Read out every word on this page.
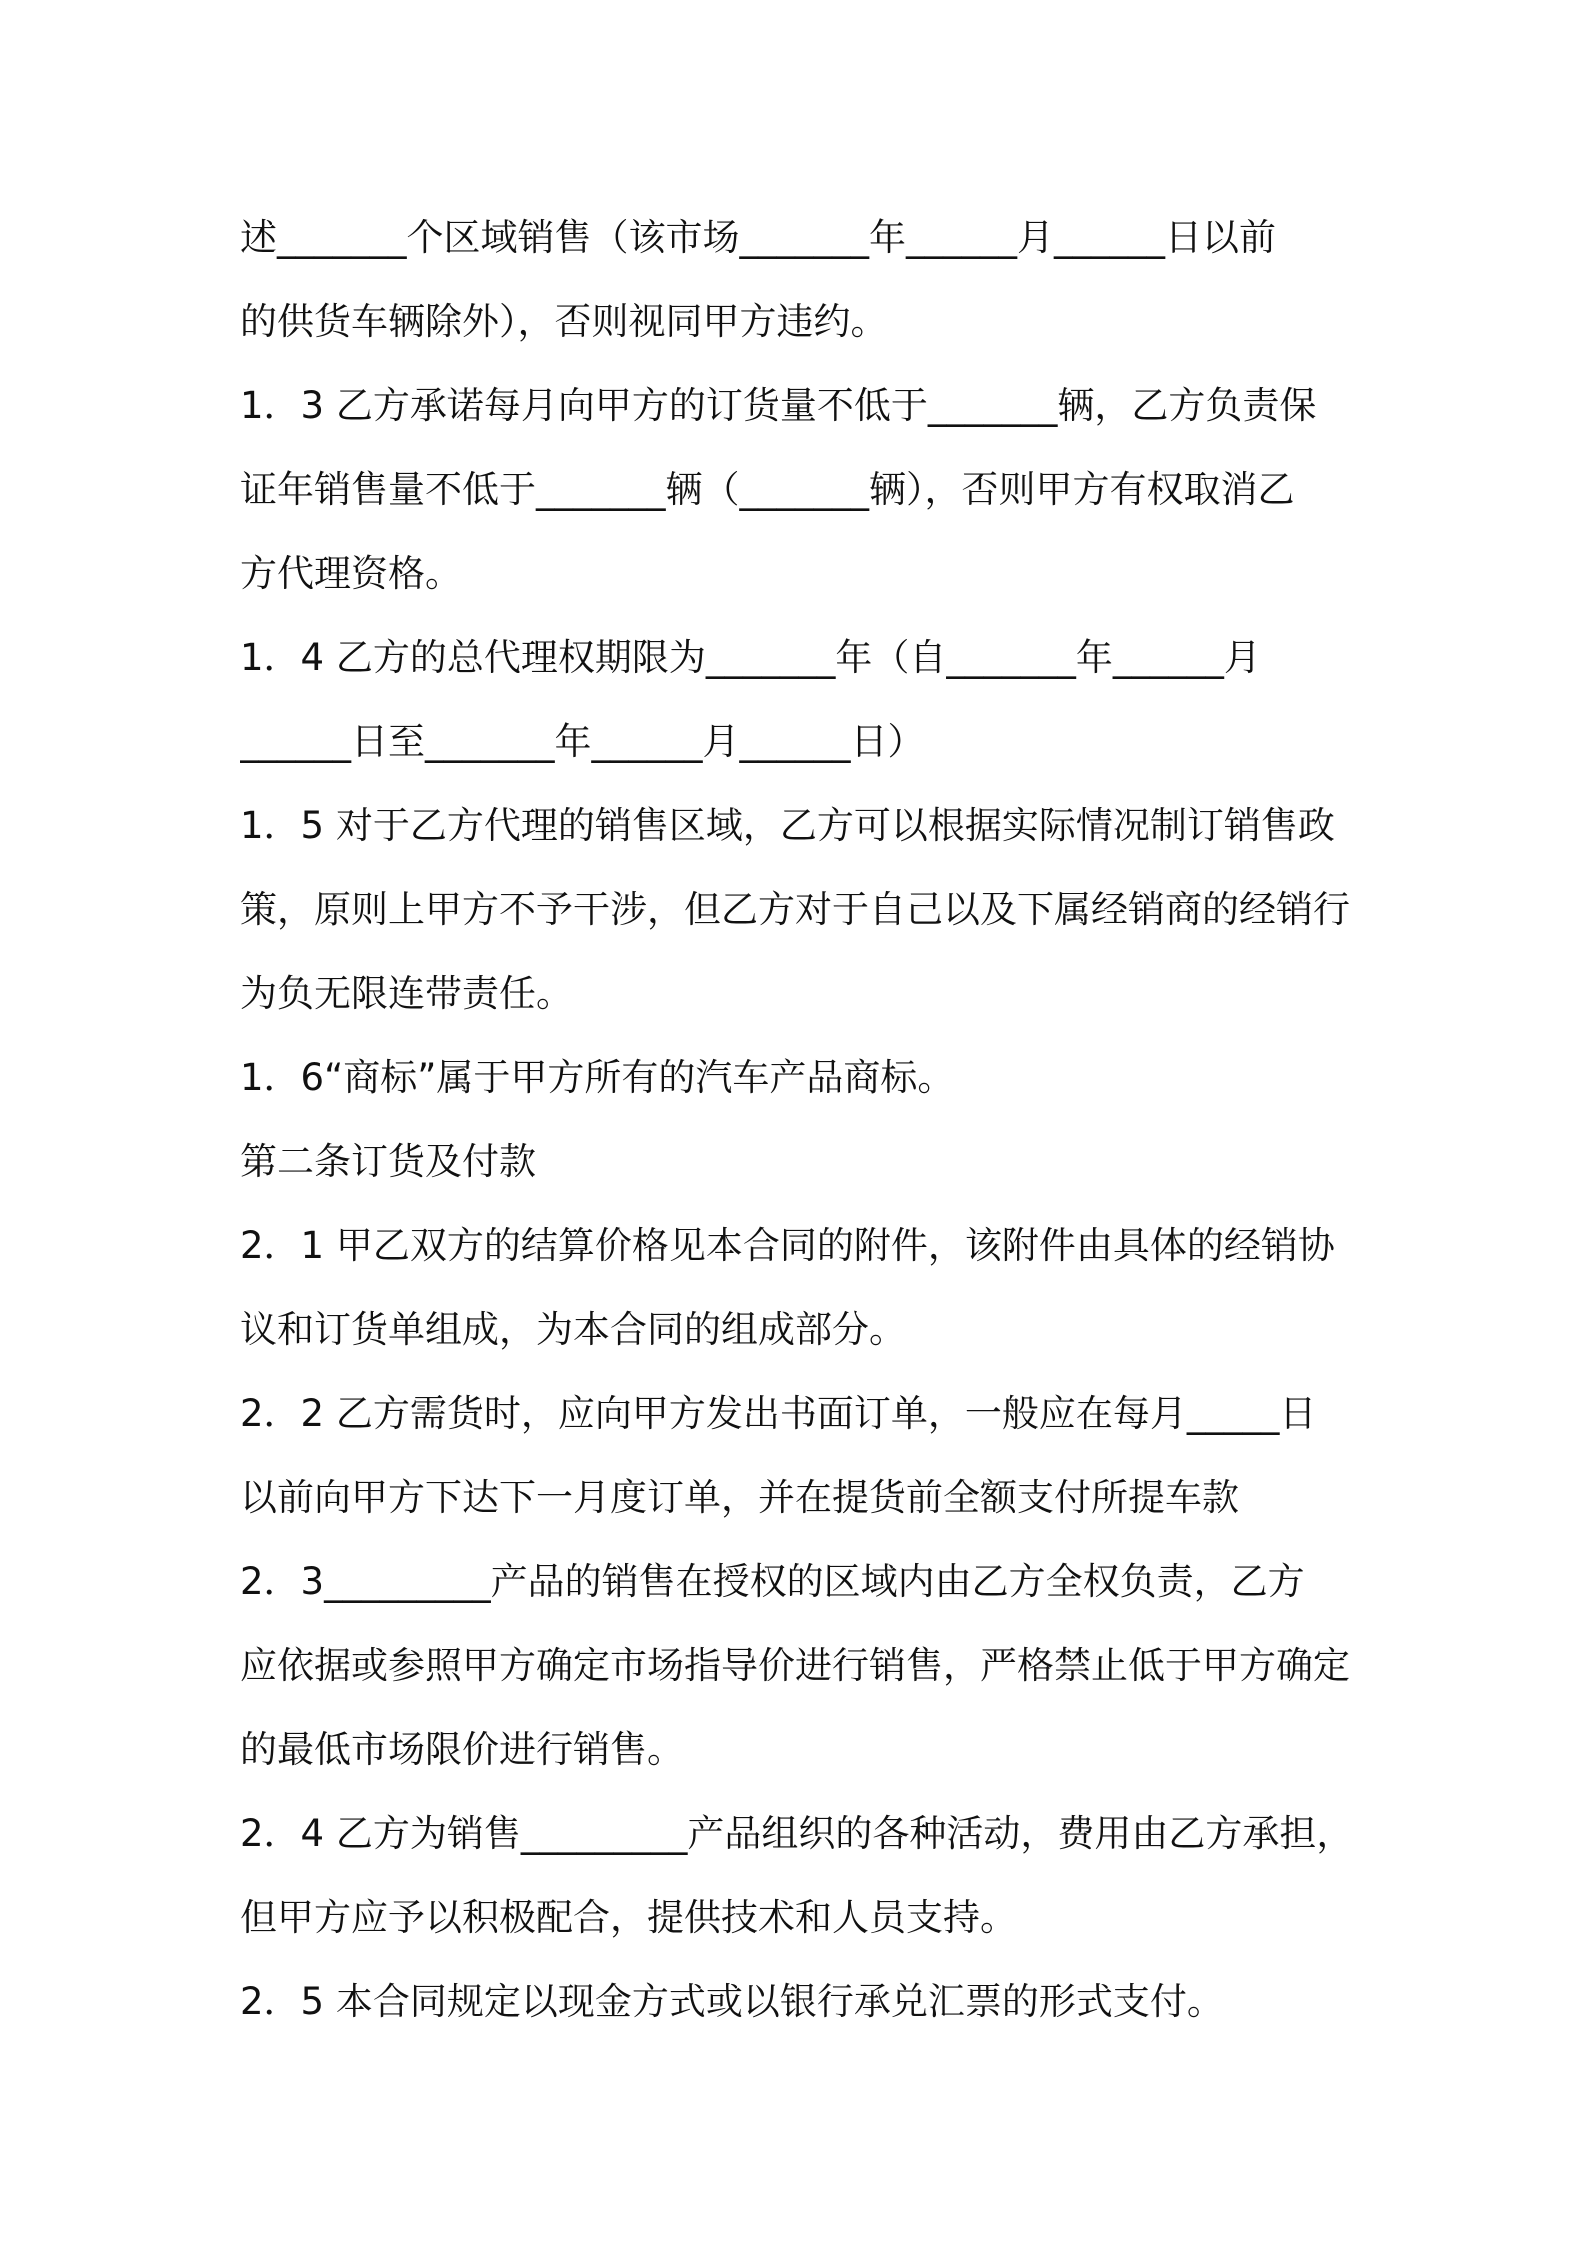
述_______个区域销售（该市场_______年______月______日以前
的供货车辆除外），否则视同甲方违约。
1．3 乙方承诺每月向甲方的订货量不低于_______辆，乙方负责保
证年销售量不低于_______辆（_______辆），否则甲方有权取消乙
方代理资格。
1．4 乙方的总代理权期限为_______年（自_______年______月
______日至_______年______月______日）
1．5 对于乙方代理的销售区域，乙方可以根据实际情况制订销售政
策，原则上甲方不予干涉，但乙方对于自己以及下属经销商的经销行
为负无限连带责任。
1．6“商标”属于甲方所有的汽车产品商标。
第二条订货及付款
2．1 甲乙双方的结算价格见本合同的附件，该附件由具体的经销协
议和订货单组成，为本合同的组成部分。
2．2 乙方需货时，应向甲方发出书面订单，一般应在每月_____日
以前向甲方下达下一月度订单，并在提货前全额支付所提车款
2．3_________产品的销售在授权的区域内由乙方全权负责，乙方
应依据或参照甲方确定市场指导价进行销售，严格禁止低于甲方确定
的最低市场限价进行销售。
2．4 乙方为销售_________产品组织的各种活动，费用由乙方承担，
但甲方应予以积极配合，提供技术和人员支持。
2．5 本合同规定以现金方式或以银行承兑汇票的形式支付。
